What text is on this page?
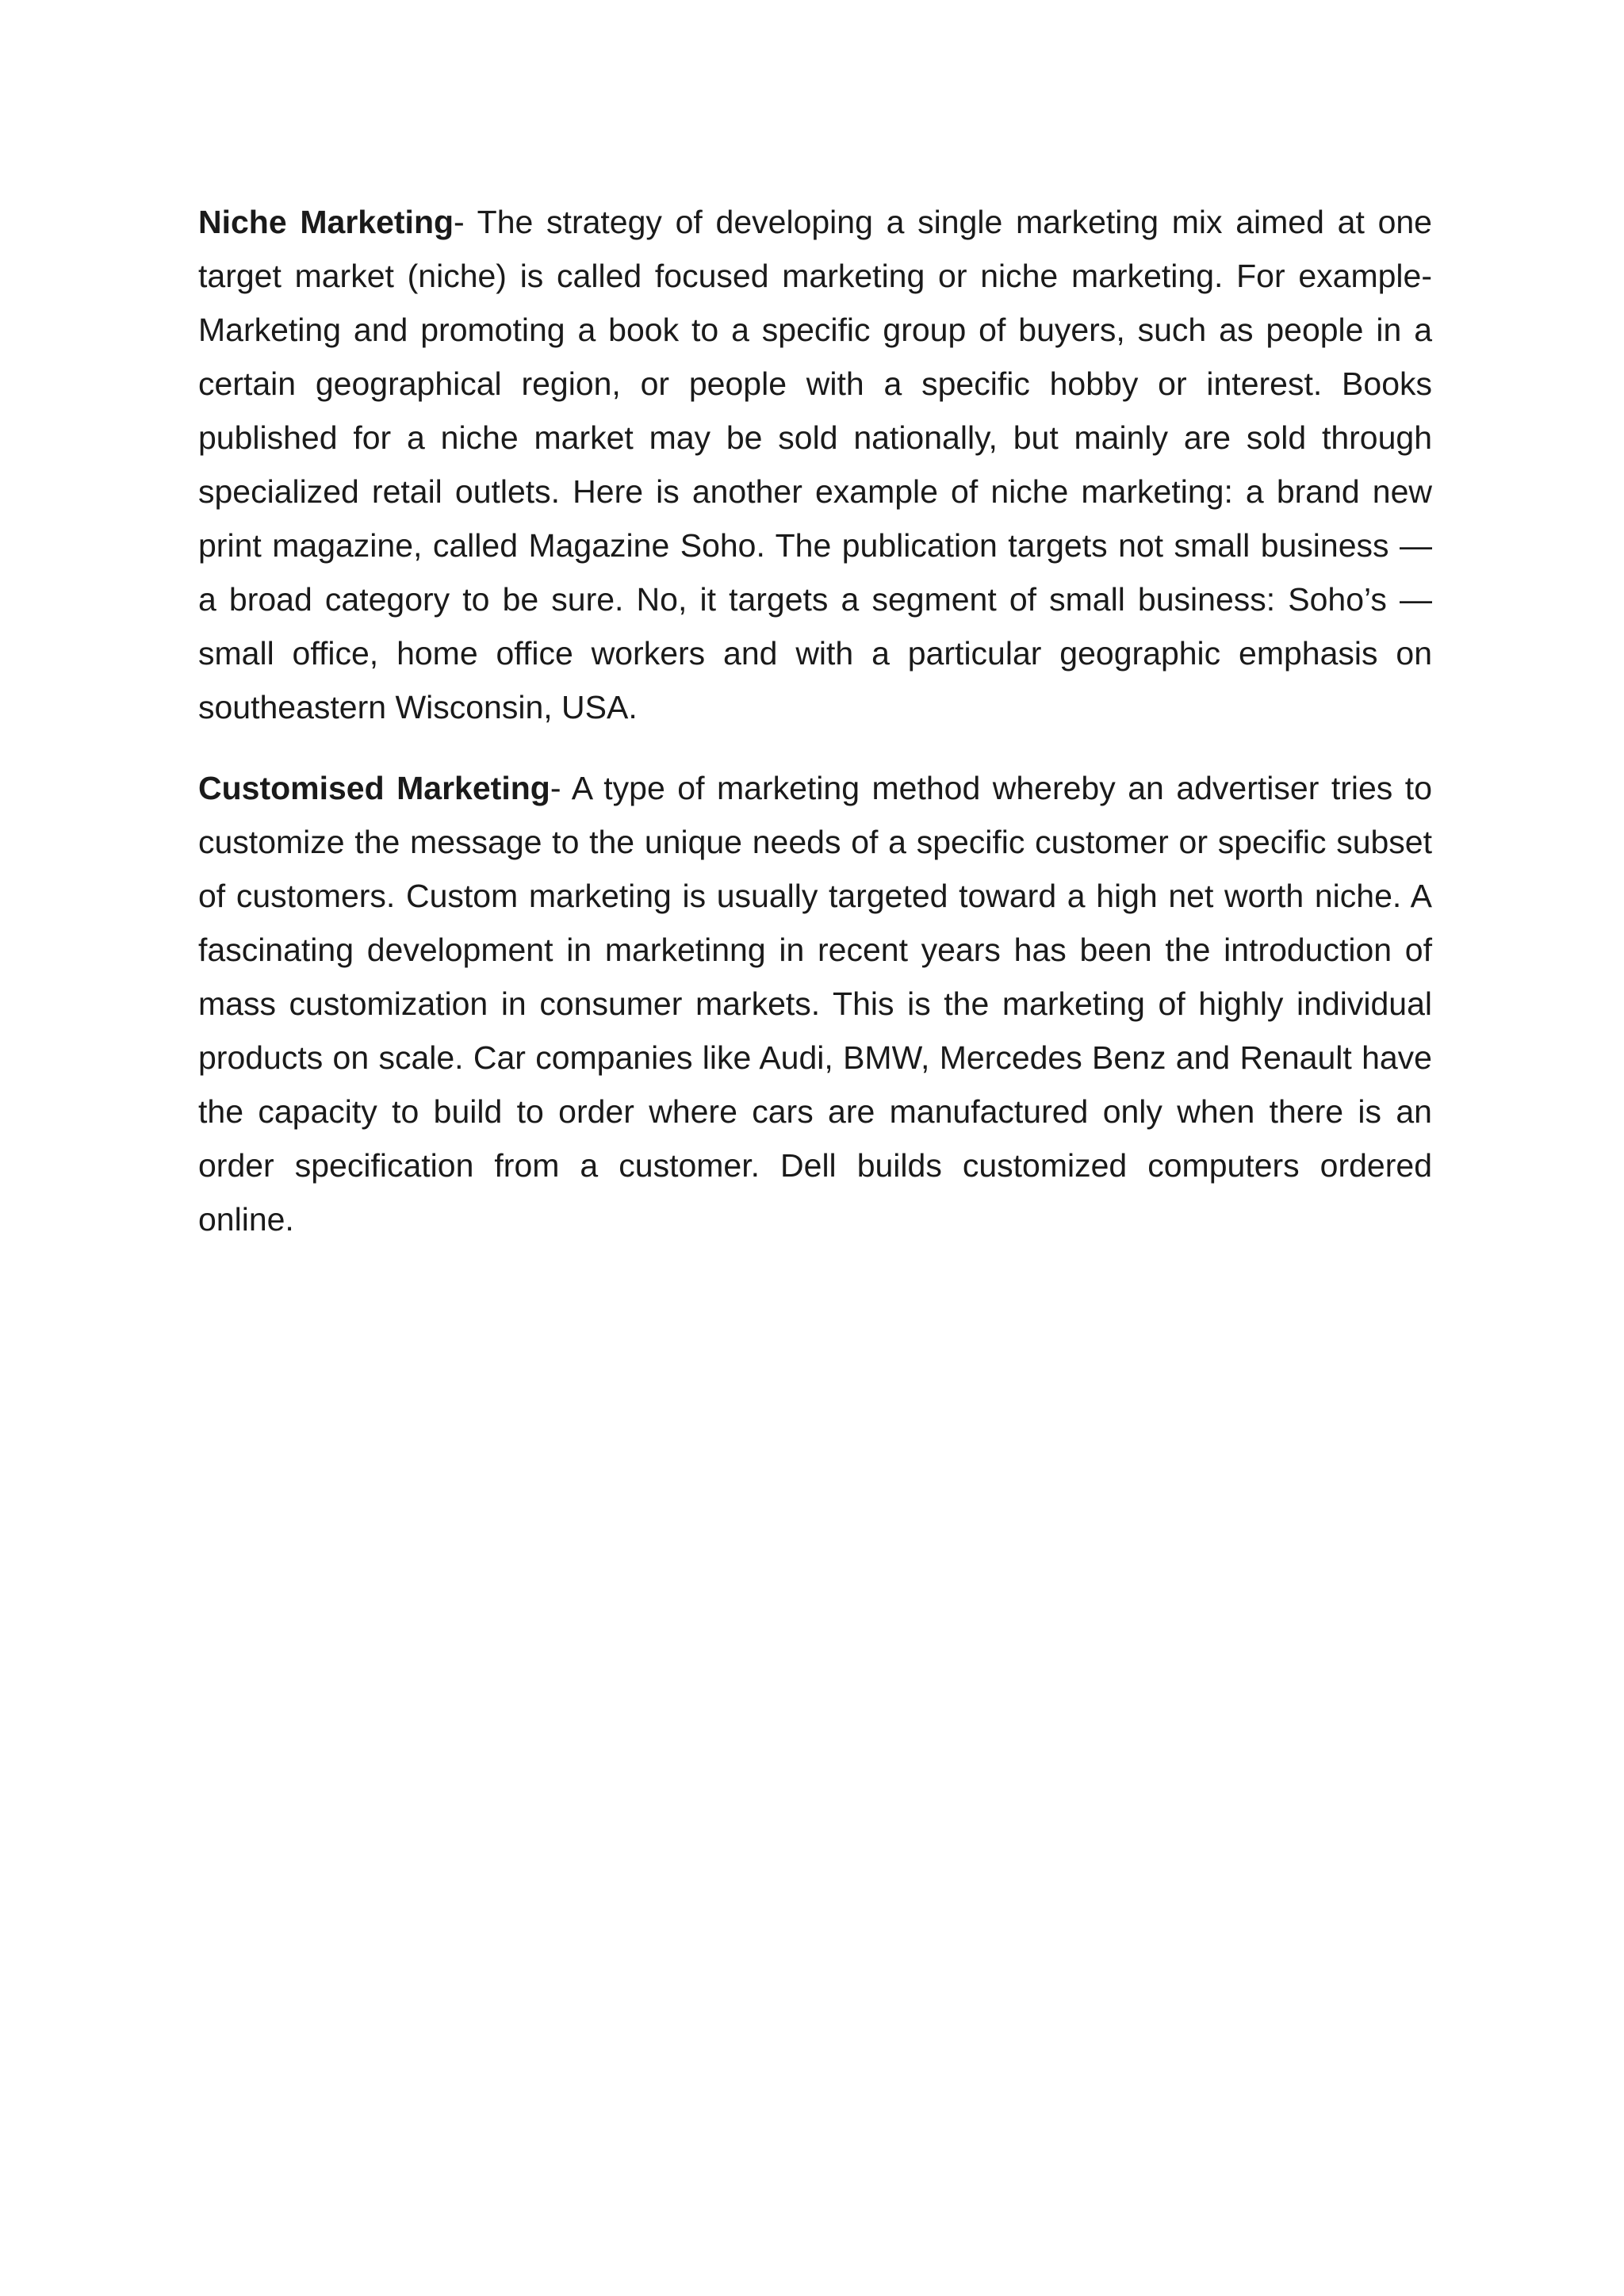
Niche Marketing- The strategy of developing a single marketing mix aimed at one target market (niche) is called focused marketing or niche marketing. For example- Marketing and promoting a book to a specific group of buyers, such as people in a certain geographical region, or people with a specific hobby or interest. Books published for a niche market may be sold nationally, but mainly are sold through specialized retail outlets. Here is another example of niche marketing: a brand new print magazine, called Magazine Soho. The publication targets not small business — a broad category to be sure. No, it targets a segment of small business: Soho’s — small office, home office workers and with a particular geographic emphasis on southeastern Wisconsin, USA.

Customised Marketing- A type of marketing method whereby an advertiser tries to customize the message to the unique needs of a specific customer or specific subset of customers. Custom marketing is usually targeted toward a high net worth niche. A fascinating development in marketinng in recent years has been the introduction of mass customization in consumer markets. This is the marketing of highly individual products on scale. Car companies like Audi, BMW, Mercedes Benz and Renault have the capacity to build to order where cars are manufactured only when there is an order specification from a customer. Dell builds customized computers ordered online.
